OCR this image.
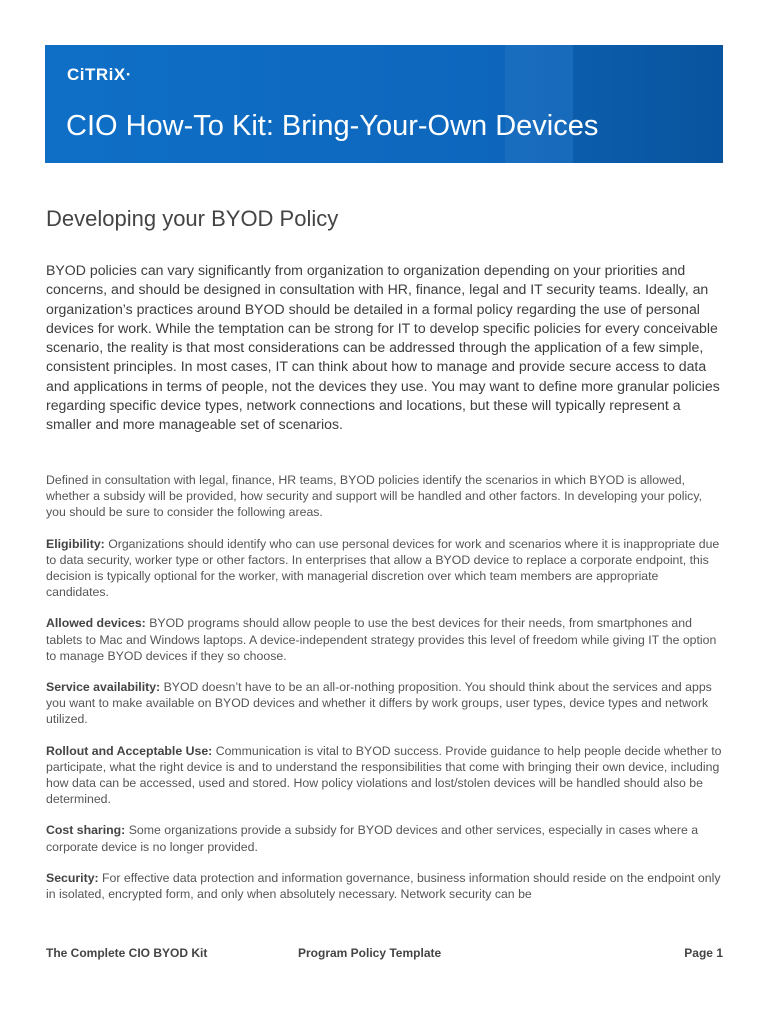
CiTRiX·
CIO How-To Kit: Bring-Your-Own Devices
Developing your BYOD Policy

BYOD policies can vary significantly from organization to organization depending on your priorities and concerns, and should be designed in consultation with HR, finance, legal and IT security teams. Ideally, an organization’s practices around BYOD should be detailed in a formal policy regarding the use of personal devices for work. While the temptation can be strong for IT to develop specific policies for every conceivable scenario, the reality is that most considerations can be addressed through the application of a few simple, consistent principles. In most cases, IT can think about how to manage and provide secure access to data and applications in terms of people, not the devices they use. You may want to define more granular policies regarding specific device types, network connections and locations, but these will typically represent a smaller and more manageable set of scenarios.

Defined in consultation with legal, finance, HR teams, BYOD policies identify the scenarios in which BYOD is allowed, whether a subsidy will be provided, how security and support will be handled and other factors. In developing your policy, you should be sure to consider the following areas.

Eligibility: Organizations should identify who can use personal devices for work and scenarios where it is inappropriate due to data security, worker type or other factors. In enterprises that allow a BYOD device to replace a corporate endpoint, this decision is typically optional for the worker, with managerial discretion over which team members are appropriate candidates.

Allowed devices: BYOD programs should allow people to use the best devices for their needs, from smartphones and tablets to Mac and Windows laptops. A device-independent strategy provides this level of freedom while giving IT the option to manage BYOD devices if they so choose.

Service availability: BYOD doesn’t have to be an all-or-nothing proposition. You should think about the services and apps you want to make available on BYOD devices and whether it differs by work groups, user types, device types and network utilized.

Rollout and Acceptable Use: Communication is vital to BYOD success. Provide guidance to help people decide whether to participate, what the right device is and to understand the responsibilities that come with bringing their own device, including how data can be accessed, used and stored. How policy violations and lost/stolen devices will be handled should also be determined.

Cost sharing: Some organizations provide a subsidy for BYOD devices and other services, especially in cases where a corporate device is no longer provided.

Security: For effective data protection and information governance, business information should reside on the endpoint only in isolated, encrypted form, and only when absolutely necessary. Network security can be

The Complete CIO BYOD Kit	Program Policy Template	Page 1
